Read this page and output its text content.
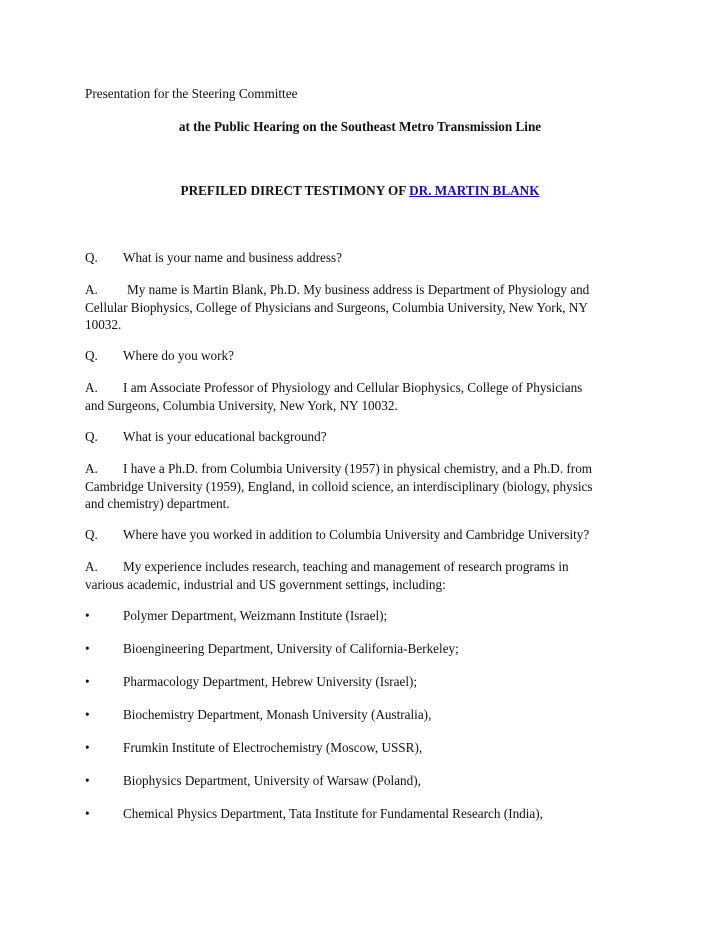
Presentation for the Steering Committee
at the Public Hearing on the Southeast Metro Transmission Line
PREFILED DIRECT TESTIMONY OF DR. MARTIN BLANK
Q. What is your name and business address?
A. My name is Martin Blank, Ph.D. My business address is Department of Physiology and
Cellular Biophysics, College of Physicians and Surgeons, Columbia University, New York, NY
10032.
Q. Where do you work?
A. I am Associate Professor of Physiology and Cellular Biophysics, College of Physicians
and Surgeons, Columbia University, New York, NY 10032.
Q. What is your educational background?
A. I have a Ph.D. from Columbia University (1957) in physical chemistry, and a Ph.D. from
Cambridge University (1959), England, in colloid science, an interdisciplinary (biology, physics
and chemistry) department.
Q. Where have you worked in addition to Columbia University and Cambridge University?
A. My experience includes research, teaching and management of research programs in
various academic, industrial and US government settings, including:
•	Polymer Department, Weizmann Institute (Israel);
•	Bioengineering Department, University of California-Berkeley;
•	Pharmacology Department, Hebrew University (Israel);
•	Biochemistry Department, Monash University (Australia),
•	Frumkin Institute of Electrochemistry (Moscow, USSR),
•	Biophysics Department, University of Warsaw (Poland),
•	Chemical Physics Department, Tata Institute for Fundamental Research (India),
